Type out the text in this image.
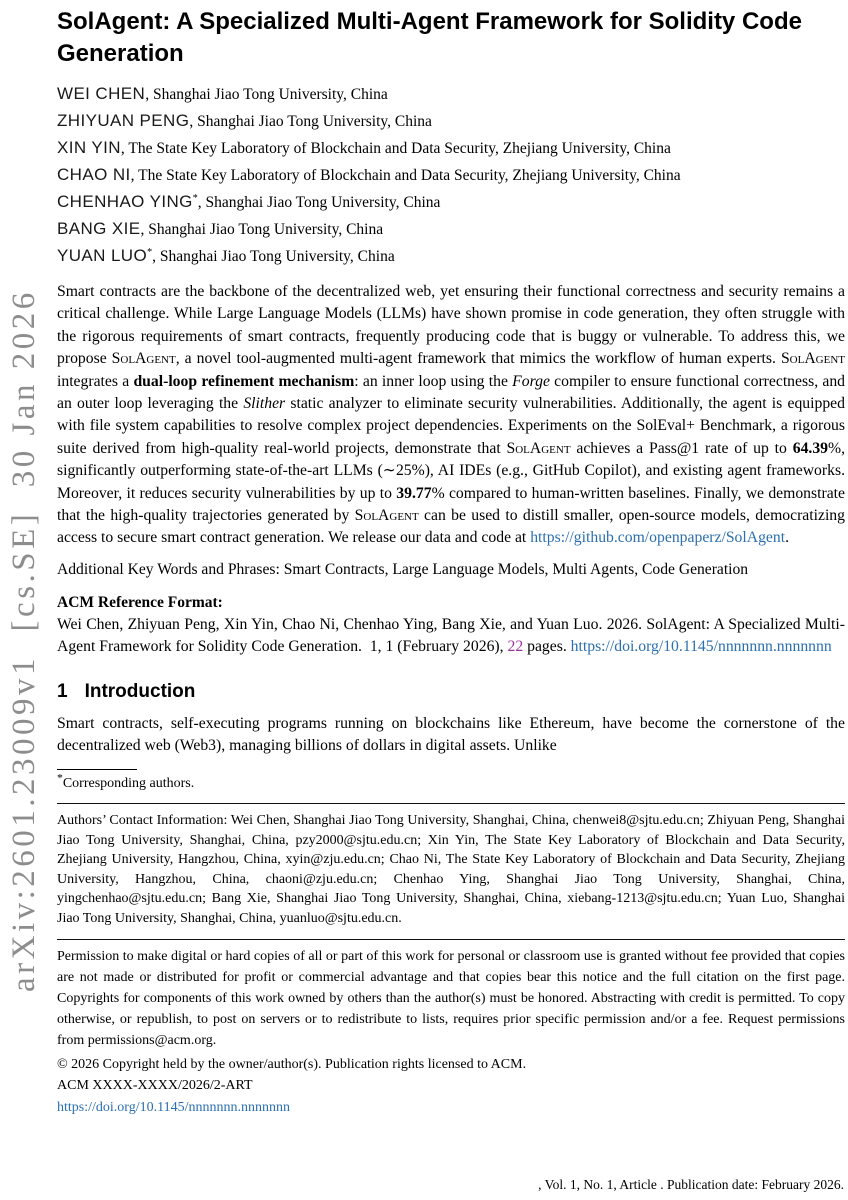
arXiv:2601.23009v1  [cs.SE]  30 Jan 2026
SolAgent: A Specialized Multi-Agent Framework for Solidity Code Generation
WEI CHEN, Shanghai Jiao Tong University, China
ZHIYUAN PENG, Shanghai Jiao Tong University, China
XIN YIN, The State Key Laboratory of Blockchain and Data Security, Zhejiang University, China
CHAO NI, The State Key Laboratory of Blockchain and Data Security, Zhejiang University, China
CHENHAO YING*, Shanghai Jiao Tong University, China
BANG XIE, Shanghai Jiao Tong University, China
YUAN LUO*, Shanghai Jiao Tong University, China

Smart contracts are the backbone of the decentralized web, yet ensuring their functional correctness and security remains a critical challenge. While Large Language Models (LLMs) have shown promise in code generation, they often struggle with the rigorous requirements of smart contracts, frequently producing code that is buggy or vulnerable. To address this, we propose SolAgent, a novel tool-augmented multi-agent framework that mimics the workflow of human experts. SolAgent integrates a dual-loop refinement mechanism: an inner loop using the Forge compiler to ensure functional correctness, and an outer loop leveraging the Slither static analyzer to eliminate security vulnerabilities. Additionally, the agent is equipped with file system capabilities to resolve complex project dependencies. Experiments on the SolEval+ Benchmark, a rigorous suite derived from high-quality real-world projects, demonstrate that SolAgent achieves a Pass@1 rate of up to 64.39%, significantly outperforming state-of-the-art LLMs (∼25%), AI IDEs (e.g., GitHub Copilot), and existing agent frameworks. Moreover, it reduces security vulnerabilities by up to 39.77% compared to human-written baselines. Finally, we demonstrate that the high-quality trajectories generated by SolAgent can be used to distill smaller, open-source models, democratizing access to secure smart contract generation. We release our data and code at https://github.com/openpaperz/SolAgent.

Additional Key Words and Phrases: Smart Contracts, Large Language Models, Multi Agents, Code Generation

ACM Reference Format:

Wei Chen, Zhiyuan Peng, Xin Yin, Chao Ni, Chenhao Ying, Bang Xie, and Yuan Luo. 2026. SolAgent: A Specialized Multi-Agent Framework for Solidity Code Generation.  1, 1 (February 2026), 22 pages. https://doi.org/10.1145/nnnnnnn.nnnnnnn

1 Introduction

Smart contracts, self-executing programs running on blockchains like Ethereum, have become the cornerstone of the decentralized web (Web3), managing billions of dollars in digital assets. Unlike

*Corresponding authors.

Authors’ Contact Information: Wei Chen, Shanghai Jiao Tong University, Shanghai, China, chenwei8@sjtu.edu.cn; Zhiyuan Peng, Shanghai Jiao Tong University, Shanghai, China, pzy2000@sjtu.edu.cn; Xin Yin, The State Key Laboratory of Blockchain and Data Security, Zhejiang University, Hangzhou, China, xyin@zju.edu.cn; Chao Ni, The State Key Laboratory of Blockchain and Data Security, Zhejiang University, Hangzhou, China, chaoni@zju.edu.cn; Chenhao Ying, Shanghai Jiao Tong University, Shanghai, China, yingchenhao@sjtu.edu.cn; Bang Xie, Shanghai Jiao Tong University, Shanghai, China, xiebang-1213@sjtu.edu.cn; Yuan Luo, Shanghai Jiao Tong University, Shanghai, China, yuanluo@sjtu.edu.cn.

Permission to make digital or hard copies of all or part of this work for personal or classroom use is granted without fee provided that copies are not made or distributed for profit or commercial advantage and that copies bear this notice and the full citation on the first page. Copyrights for components of this work owned by others than the author(s) must be honored. Abstracting with credit is permitted. To copy otherwise, or republish, to post on servers or to redistribute to lists, requires prior specific permission and/or a fee. Request permissions from permissions@acm.org.

© 2026 Copyright held by the owner/author(s). Publication rights licensed to ACM.

ACM XXXX-XXXX/2026/2-ART

https://doi.org/10.1145/nnnnnnn.nnnnnnn

, Vol. 1, No. 1, Article . Publication date: February 2026.
